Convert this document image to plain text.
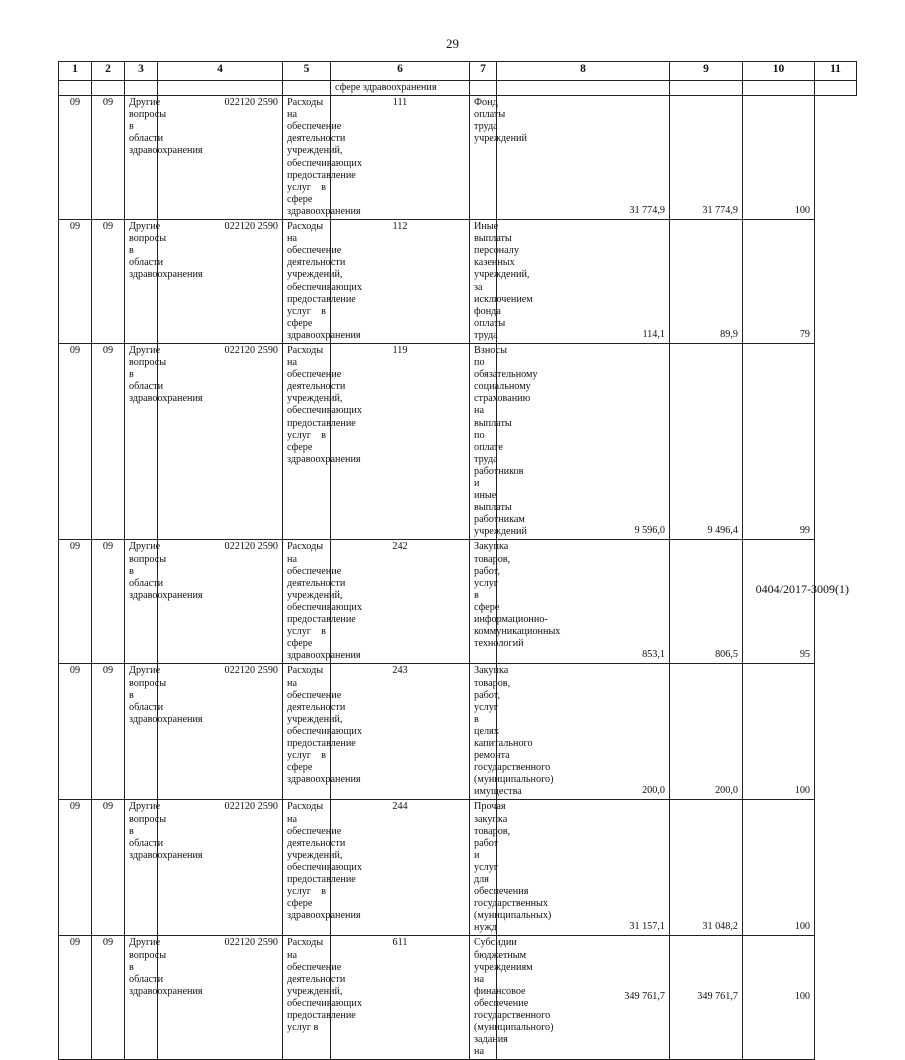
29
1	2	3	4	5	6	7	8	9	10	11
					сфере здравоохранения					
09	09	Другие вопросы в области здравоохранения	022120 2590	Расходы на обеспечение деятельности учреждений, обеспечивающих предоставление услуг в сфере здравоохранения	111	Фонд оплаты труда учреждений	31 774,9	31 774,9	100	
09	09	Другие вопросы в области здравоохранения	022120 2590	Расходы на обеспечение деятельности учреждений, обеспечивающих предоставление услуг в сфере здравоохранения	112	Иные выплаты персоналу казенных учреждений, за исключением фонда оплаты труда	114,1	89,9	79	
09	09	Другие вопросы в области здравоохранения	022120 2590	Расходы на обеспечение деятельности учреждений, обеспечивающих предоставление услуг в сфере здравоохранения	119	Взносы по обязательному социальному страхованию на выплаты по оплате труда работников и иные выплаты работникам учреждений	9 596,0	9 496,4	99	
09	09	Другие вопросы в области здравоохранения	022120 2590	Расходы на обеспечение деятельности учреждений, обеспечивающих предоставление услуг в сфере здравоохранения	242	Закупка товаров, работ, услуг в сфере информационно-коммуникационных технологий	853,1	806,5	95	
09	09	Другие вопросы в области здравоохранения	022120 2590	Расходы на обеспечение деятельности учреждений, обеспечивающих предоставление услуг в сфере здравоохранения	243	Закупка товаров, работ, услуг в целях капитального ремонта государственного (муниципального) имущества	200,0	200,0	100	
09	09	Другие вопросы в области здравоохранения	022120 2590	Расходы на обеспечение деятельности учреждений, обеспечивающих предоставление услуг в сфере здравоохранения	244	Прочая закупка товаров, работ и услуг для обеспечения государственных (муниципальных) нужд	31 157,1	31 048,2	100	
09	09	Другие вопросы в области здравоохранения	022120 2590	Расходы на обеспечение деятельности учреждений, обеспечивающих предоставление услуг в	611	Субсидии бюджетным учреждениям на финансовое обеспечение государственного (муниципального) задания на	349 761,7	349 761,7	100	
0404/2017-3009(1)
